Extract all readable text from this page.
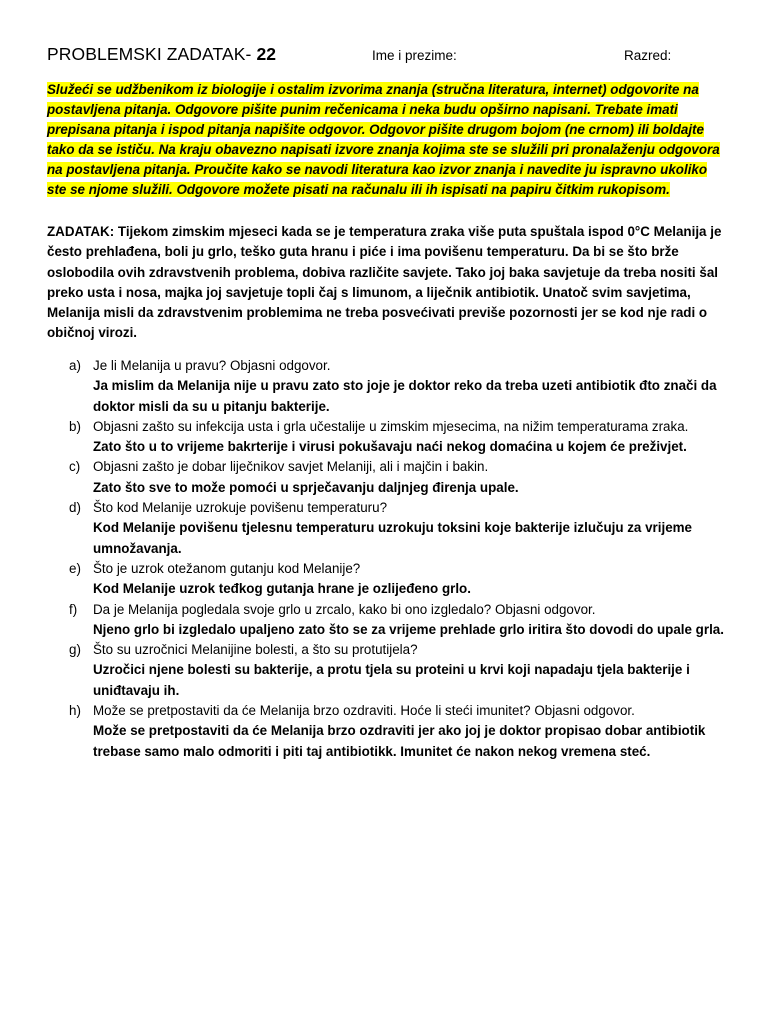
PROBLEMSKI ZADATAK- 22	Ime i prezime:	Razred:
Služeći se udžbenikom iz biologije i ostalim izvorima znanja (stručna literatura, internet) odgovorite na postavljena pitanja. Odgovore pišite punim rečenicama i neka budu opširno napisani. Trebate imati prepisana pitanja i ispod pitanja napišite odgovor. Odgovor pišite drugom bojom (ne crnom) ili boldajte tako da se ističu. Na kraju obavezno napisati izvore znanja kojima ste se služili pri pronalaženju odgovora na postavljena pitanja. Proučite kako se navodi literatura kao izvor znanja i navedite ju ispravno ukoliko ste se njome služili. Odgovore možete pisati na računalu ili ih ispisati na papiru čitkim rukopisom.
ZADATAK: Tijekom zimskim mjeseci kada se je temperatura zraka više puta spuštala ispod 0°C Melanija je često prehlađena, boli ju grlo, teško guta hranu i piće i ima povišenu temperaturu. Da bi se što brže oslobodila ovih zdravstvenih problema, dobiva različite savjete. Tako joj baka savjetuje da treba nositi šal preko usta i nosa, majka joj savjetuje topli čaj s limunom, a liječnik antibiotik. Unatoč svim savjetima, Melanija misli da zdravstvenim problemima ne treba posvećivati previše pozornosti jer se kod nje radi o običnoj virozi.
a) Je li Melanija u pravu? Objasni odgovor.
Ja mislim da Melanija nije u pravu zato sto joje je doktor reko da treba uzeti antibiotik đto znači da doktor misli da su u pitanju bakterije.
b) Objasni zašto su infekcija usta i grla učestalije u zimskim mjesecima, na nižim temperaturama zraka.
Zato što u to vrijeme bakrterije i virusi pokušavaju naći nekog domaćina u kojem će preživjet.
c) Objasni zašto je dobar liječnikov savjet Melaniji, ali i majčin i bakin.
Zato što sve to može pomoći u sprječavanju daljnjeg đirenja upale.
d) Što kod Melanije uzrokuje povišenu temperaturu?
Kod Melanije povišenu tjelesnu temperaturu uzrokuju toksini koje bakterije izlučuju za vrijeme umnožavanja.
e) Što je uzrok otežanom gutanju kod Melanije?
Kod Melanije uzrok teđkog gutanja hrane je ozlijeđeno grlo.
f) Da je Melanija pogledala svoje grlo u zrcalo, kako bi ono izgledalo? Objasni odgovor.
Njeno grlo bi izgledalo upaljeno zato što se za vrijeme prehlade grlo iritira što dovodi do upale grla.
g) Što su uzročnici Melanijine bolesti, a što su protutijela?
Uzročici njene bolesti su bakterije, a protu tjela su proteini u krvi koji napadaju tjela bakterije i uniđtavaju ih.
h) Može se pretpostaviti da će Melanija brzo ozdraviti. Hoće li steći imunitet? Objasni odgovor.
Može se pretpostaviti da će Melanija brzo ozdraviti jer ako joj je doktor propisao dobar antibiotik trebase samo malo odmoriti i piti taj antibiotikk. Imunitet će nakon nekog vremena steć.
